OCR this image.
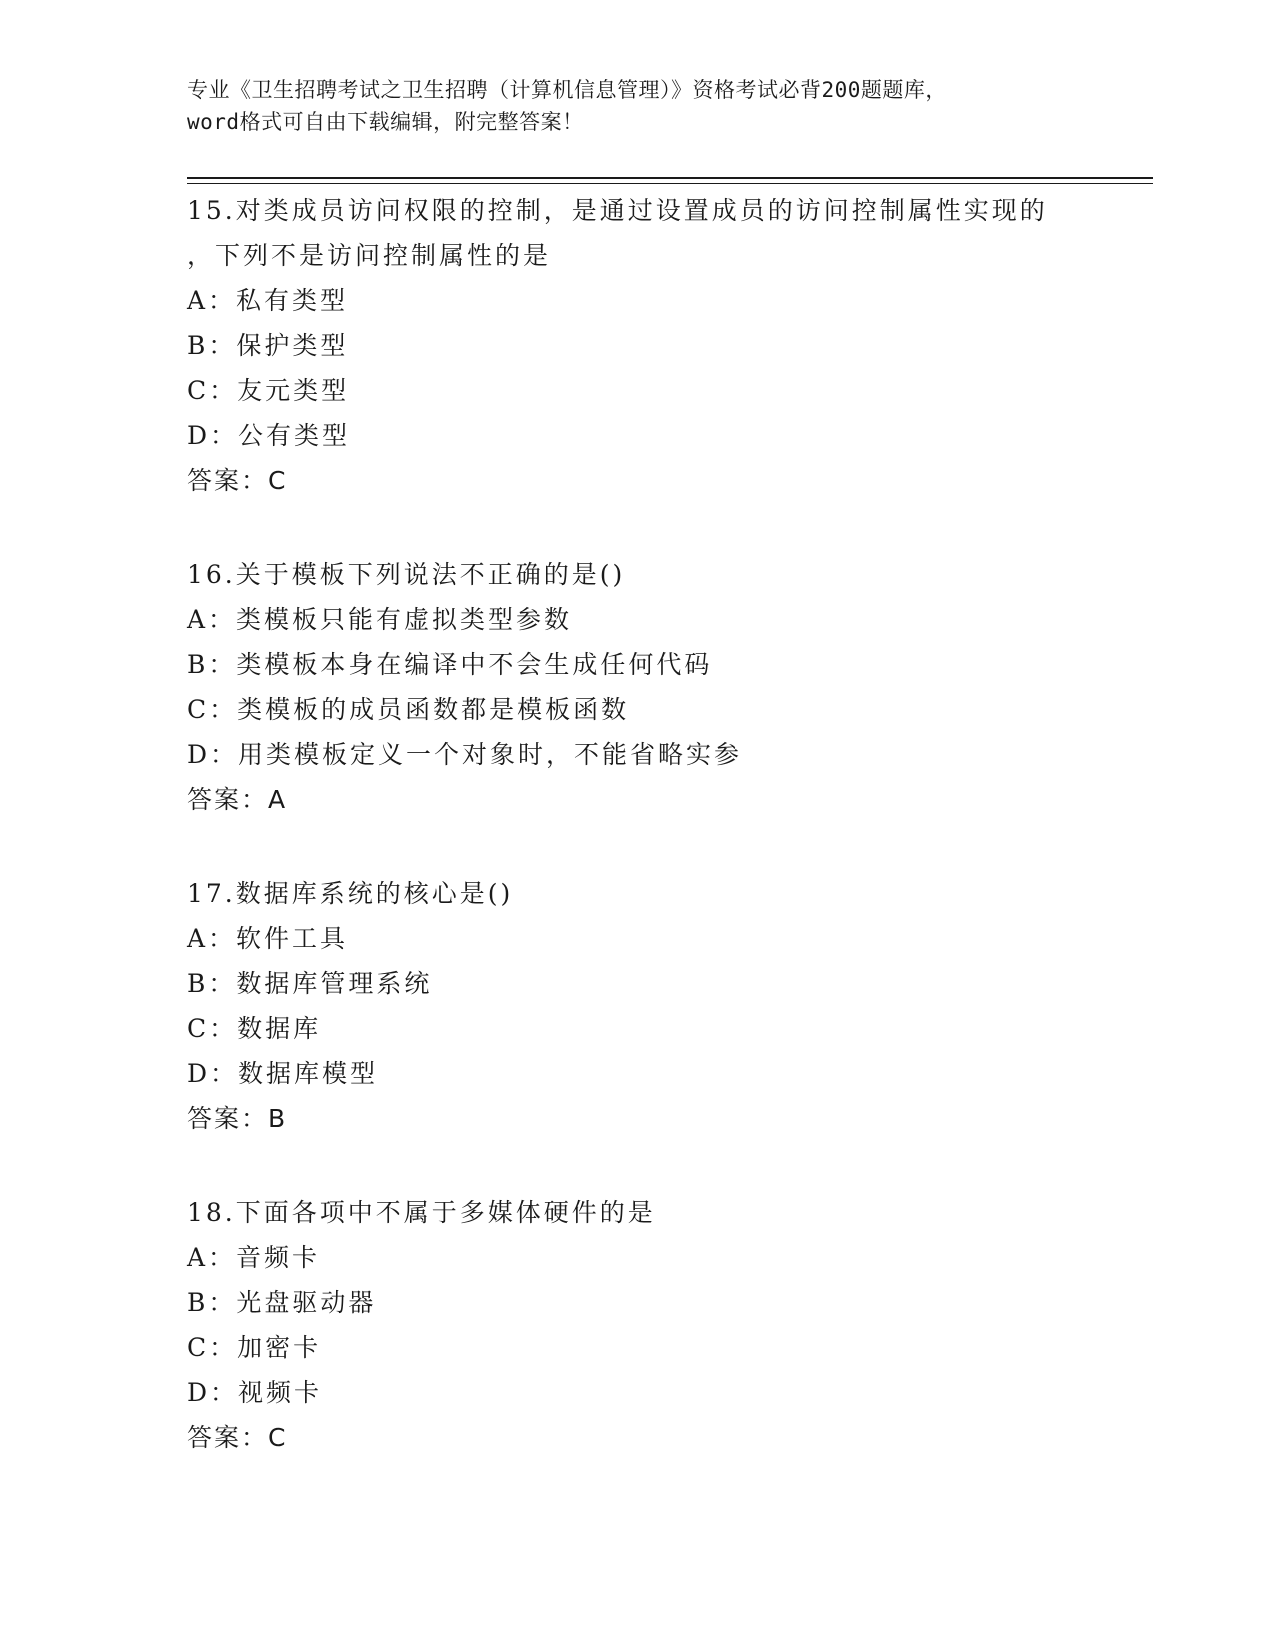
专业《卫生招聘考试之卫生招聘（计算机信息管理）》资格考试必背200题题库，
word格式可自由下载编辑，附完整答案！
15.对类成员访问权限的控制，是通过设置成员的访问控制属性实现的
，下列不是访问控制属性的是
A：私有类型
B：保护类型
C：友元类型
D：公有类型
答案：C
16.关于模板下列说法不正确的是()
A：类模板只能有虚拟类型参数
B：类模板本身在编译中不会生成任何代码
C：类模板的成员函数都是模板函数
D：用类模板定义一个对象时，不能省略实参
答案：A
17.数据库系统的核心是()
A：软件工具
B：数据库管理系统
C：数据库
D：数据库模型
答案：B
18.下面各项中不属于多媒体硬件的是
A：音频卡
B：光盘驱动器
C：加密卡
D：视频卡
答案：C
